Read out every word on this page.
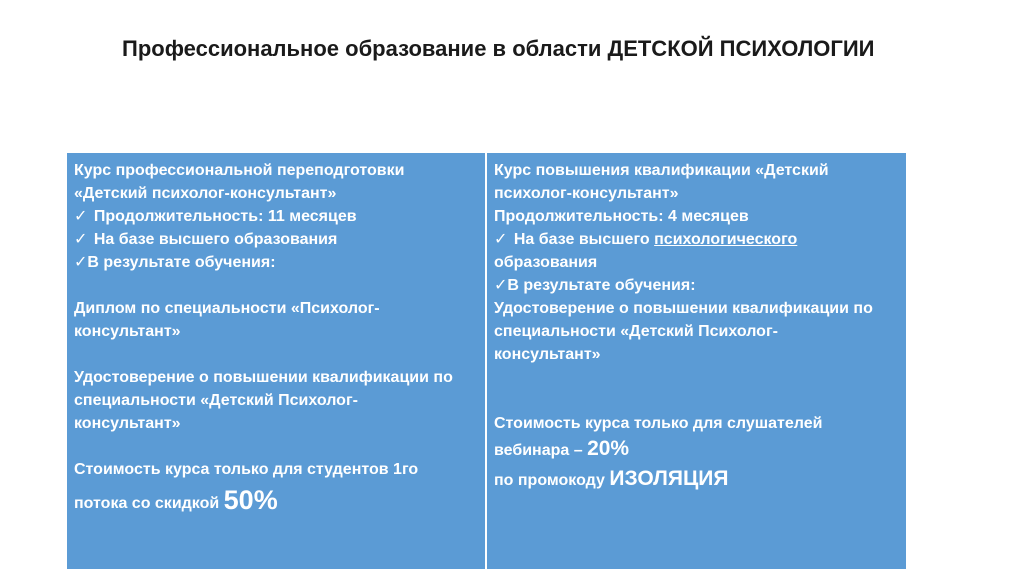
Профессиональное образование в области ДЕТСКОЙ ПСИХОЛОГИИ
Курс профессиональной переподготовки
«Детский психолог-консультант»
✓ Продолжительность: 11 месяцев
✓ На базе высшего образования
✓В результате обучения:
Диплом по специальности «Психолог-
консультант»
Удостоверение о повышении квалификации по
специальности «Детский Психолог-
консультант»
Стоимость курса только для студентов 1го
потока со скидкой 50%
Курс повышения квалификации «Детский
психолог-консультант»
Продолжительность: 4 месяцев
✓ На базе высшего психологического
образования
✓В результате обучения:
Удостоверение о повышении квалификации по
специальности «Детский Психолог-
консультант»
Стоимость курса только для слушателей
вебинара – 20%
по промокоду ИЗОЛЯЦИЯ
